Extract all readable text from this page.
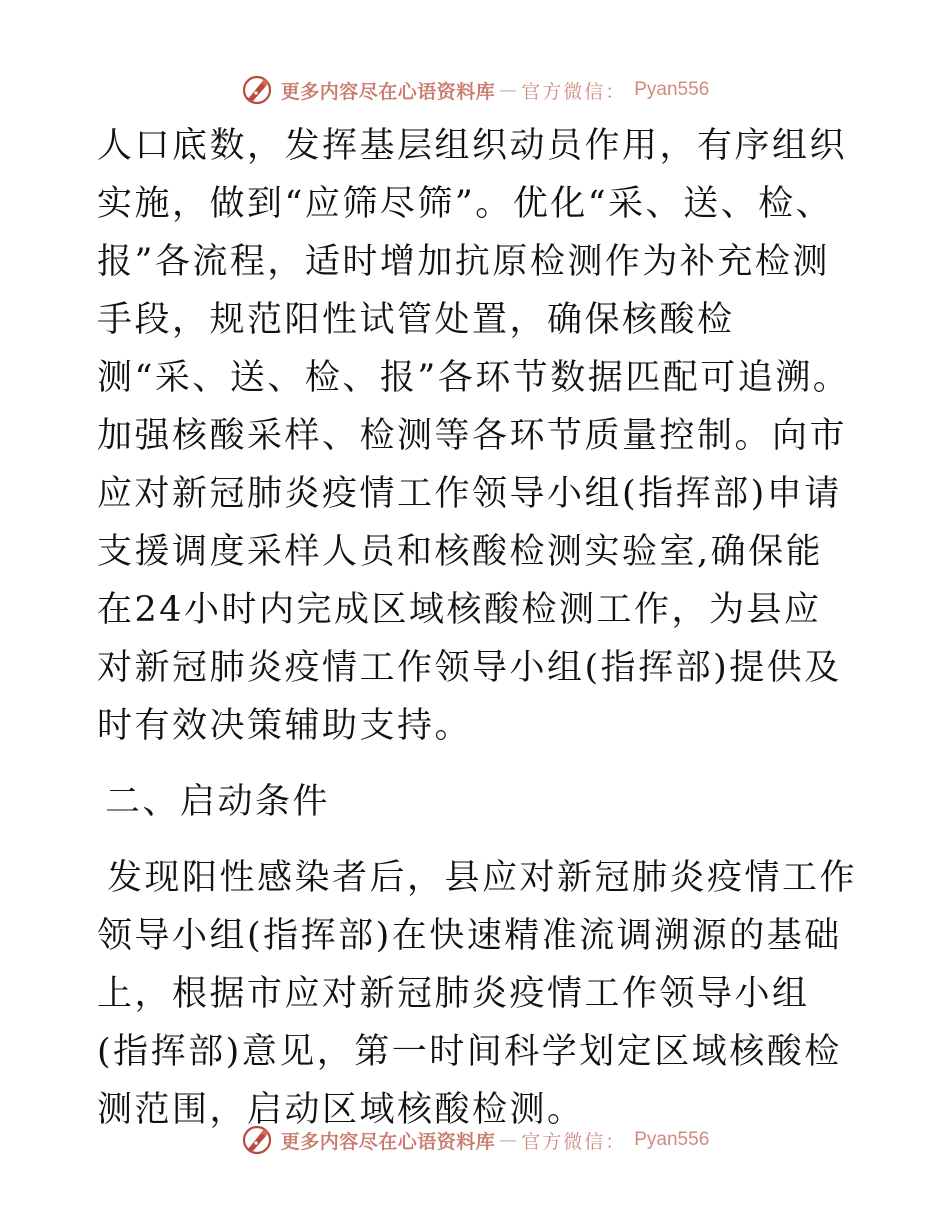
更多内容尽在心语资料库 — 官方微信： Pyan556

人口底数，发挥基层组织动员作用，有序组织实施，做到“应筛尽筛”。优化“采、送、检、报”各流程，适时增加抗原检测作为补充检测手段，规范阳性试管处置，确保核酸检测“采、送、检、报”各环节数据匹配可追溯。加强核酸采样、检测等各环节质量控制。向市应对新冠肺炎疫情工作领导小组(指挥部)申请支援调度采样人员和核酸检测实验室,确保能在24小时内完成区域核酸检测工作，为县应对新冠肺炎疫情工作领导小组(指挥部)提供及时有效决策辅助支持。

二、启动条件

发现阳性感染者后，县应对新冠肺炎疫情工作领导小组(指挥部)在快速精准流调溯源的基础上，根据市应对新冠肺炎疫情工作领导小组(指挥部)意见，第一时间科学划定区域核酸检测范围，启动区域核酸检测。

更多内容尽在心语资料库 — 官方微信： Pyan556
